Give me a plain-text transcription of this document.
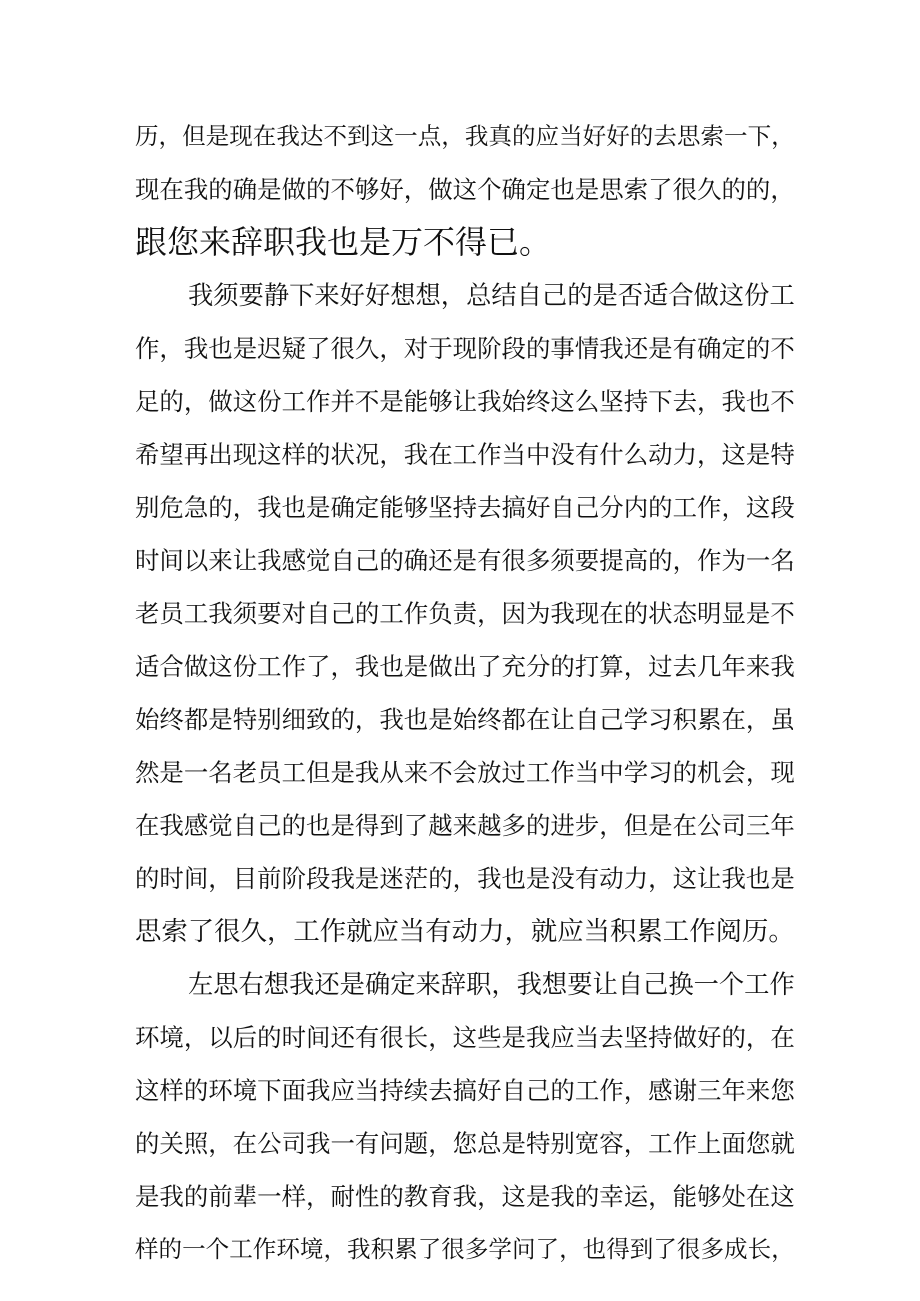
历，但是现在我达不到这一点，我真的应当好好的去思索一下，
现在我的确是做的不够好，做这个确定也是思索了很久的的，
跟您来辞职我也是万不得已。
我须要静下来好好想想，总结自己的是否适合做这份工
作，我也是迟疑了很久，对于现阶段的事情我还是有确定的不
足的，做这份工作并不是能够让我始终这么坚持下去，我也不
希望再出现这样的状况，我在工作当中没有什么动力，这是特
别危急的，我也是确定能够坚持去搞好自己分内的工作，这段
时间以来让我感觉自己的确还是有很多须要提高的，作为一名
老员工我须要对自己的工作负责，因为我现在的状态明显是不
适合做这份工作了，我也是做出了充分的打算，过去几年来我
始终都是特别细致的，我也是始终都在让自己学习积累在，虽
然是一名老员工但是我从来不会放过工作当中学习的机会，现
在我感觉自己的也是得到了越来越多的进步，但是在公司三年
的时间，目前阶段我是迷茫的，我也是没有动力，这让我也是
思索了很久，工作就应当有动力，就应当积累工作阅历。
左思右想我还是确定来辞职，我想要让自己换一个工作
环境，以后的时间还有很长，这些是我应当去坚持做好的，在
这样的环境下面我应当持续去搞好自己的工作，感谢三年来您
的关照，在公司我一有问题，您总是特别宽容，工作上面您就
是我的前辈一样，耐性的教育我，这是我的幸运，能够处在这
样的一个工作环境，我积累了很多学问了，也得到了很多成长，
